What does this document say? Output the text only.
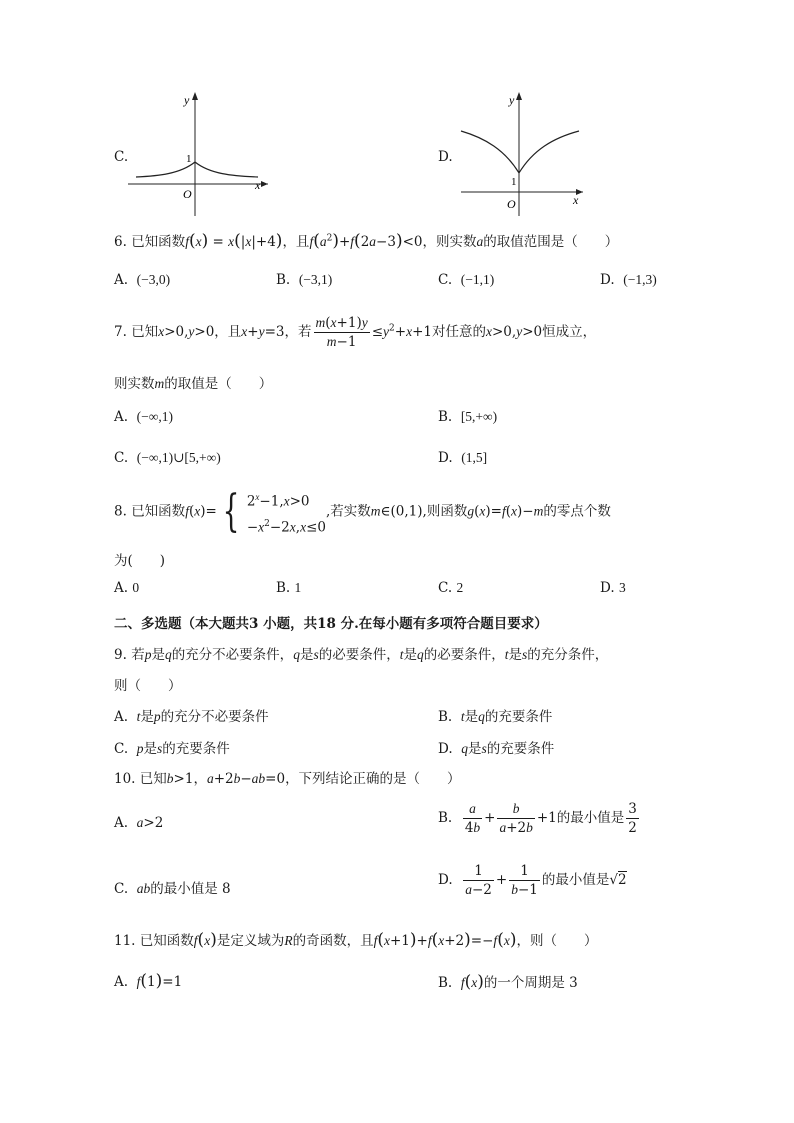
C.
y
x
O
1	D.
y
x
O
1
6. 已知函数f(x) = x(|x|+4)，且$f(a^2)+f(2a-3)<0$，则实数a的取值范围是（　　）
A. (−3,0)	B. (−3,1)	C. (−1,1)	D. (−1,3)
7. 已知x>0,y>0，且x+y=3，若 $\frac{m(x+1)y}{m-1} \le y^2+x+1$对任意的x>0,y>0恒成立，
则实数m的取值是（　　）
A. (−∞,1)	B. [5,+∞)
C. (−∞,1)∪[5,+∞)	D. (1,5]
8. 已知函数f(x)= { $2^x-1,x>0$
$-x^2-2x,x\le 0$
,若实数m∈(0,1),则函数g(x)=f(x)−m的零点个数
为(　　)
A. 0	B. 1	C. 2	D. 3
二、多选题（本大题共3 小题，共18 分.在每小题有多项符合题目要求）
9. 若p是q的充分不必要条件，q是s的必要条件，t是q的必要条件，t是s的充分条件，
则（　　）
A. t是p的充分不必要条件	B. t是q的充要条件
C. p是s的充要条件	D. q是s的充要条件
10. 已知b>1，a+2b−ab=0，下列结论正确的是（　　）
A. a>2	B. $\frac{a}{4b} + \frac{b}{a+2b} +1$的最小值是 $\frac{3}{2}$
C. ab的最小值是 8
D. $\frac{1}{a-2} + \frac{1}{b-1}$ 的最小值是√2
11. 已知函数f(x)是定义域为R的奇函数，且f(x+1)+f(x+2)=−f(x)，则（　　）
A. f(1)=1	B. f(x)的一个周期是 3
